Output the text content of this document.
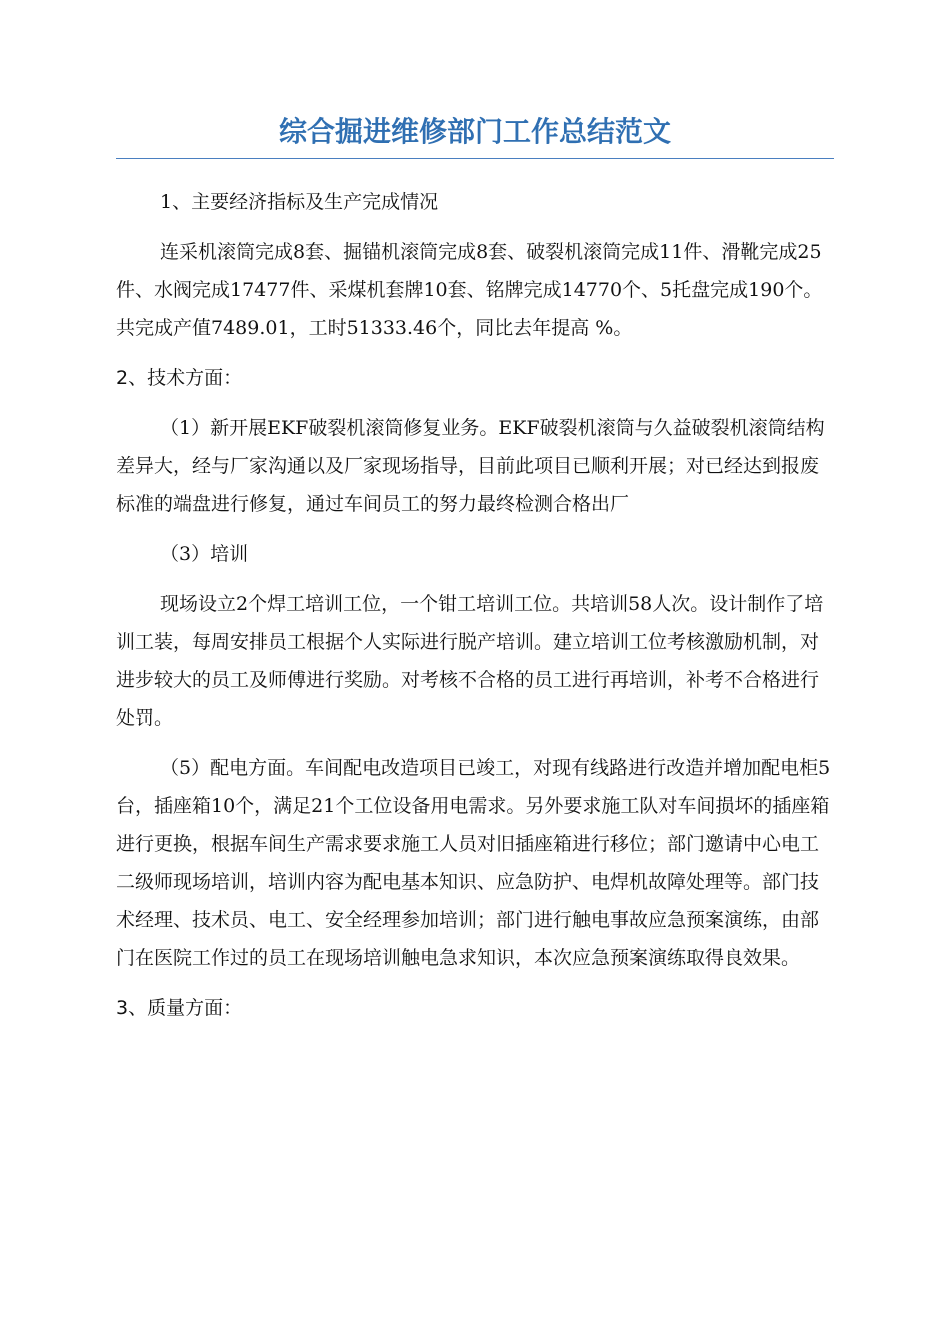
综合掘进维修部门工作总结范文

1、主要经济指标及生产完成情况

连采机滚筒完成8套、掘锚机滚筒完成8套、破裂机滚筒完成11件、滑靴完成25件、水阀完成17477件、采煤机套牌10套、铭牌完成14770个、5托盘完成190个。共完成产值7489.01，工时51333.46个，同比去年提高 %。

2、技术方面：

（1）新开展EKF破裂机滚筒修复业务。EKF破裂机滚筒与久益破裂机滚筒结构差异大，经与厂家沟通以及厂家现场指导，目前此项目已顺利开展；对已经达到报废标准的端盘进行修复，通过车间员工的努力最终检测合格出厂

（3）培训

现场设立2个焊工培训工位，一个钳工培训工位。共培训58人次。设计制作了培训工装，每周安排员工根据个人实际进行脱产培训。建立培训工位考核激励机制，对进步较大的员工及师傅进行奖励。对考核不合格的员工进行再培训，补考不合格进行处罚。

（5）配电方面。车间配电改造项目已竣工，对现有线路进行改造并增加配电柜5台，插座箱10个，满足21个工位设备用电需求。另外要求施工队对车间损坏的插座箱进行更换，根据车间生产需求要求施工人员对旧插座箱进行移位；部门邀请中心电工二级师现场培训，培训内容为配电基本知识、应急防护、电焊机故障处理等。部门技术经理、技术员、电工、安全经理参加培训；部门进行触电事故应急预案演练，由部门在医院工作过的员工在现场培训触电急求知识，本次应急预案演练取得良效果。

3、质量方面：
